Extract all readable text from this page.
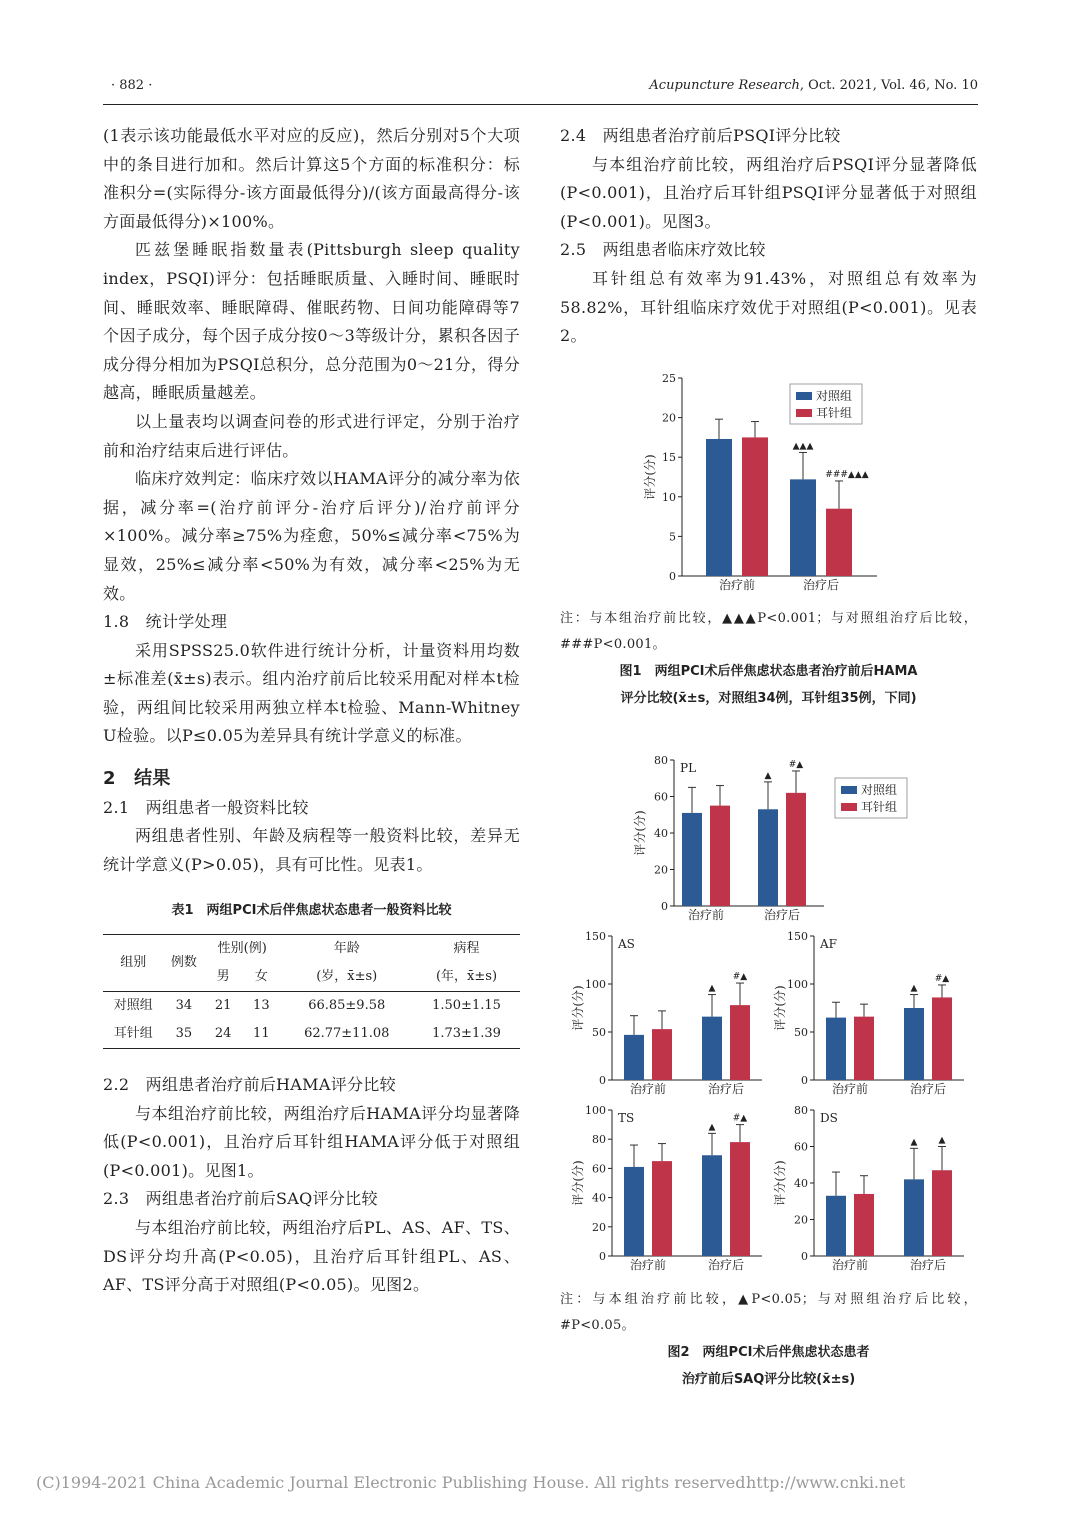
· 882 ·	Acupuncture Research, Oct. 2021, Vol. 46, No. 10

(1表示该功能最低水平对应的反应)，然后分别对5个大项中的条目进行加和。然后计算这5个方面的标准积分：标准积分=(实际得分-该方面最低得分)/(该方面最高得分-该方面最低得分)×100%。

匹兹堡睡眠指数量表(Pittsburgh sleep quality index，PSQI)评分：包括睡眠质量、入睡时间、睡眠时间、睡眠效率、睡眠障碍、催眠药物、日间功能障碍等7个因子成分，每个因子成分按0～3等级计分，累积各因子成分得分相加为PSQI总积分，总分范围为0～21分，得分越高，睡眠质量越差。

以上量表均以调查问卷的形式进行评定，分别于治疗前和治疗结束后进行评估。

临床疗效判定：临床疗效以HAMA评分的减分率为依据，减分率=(治疗前评分-治疗后评分)/治疗前评分×100%。减分率≥75%为痊愈，50%≤减分率<75%为显效，25%≤减分率<50%为有效，减分率<25%为无效。

1.8　统计学处理

采用SPSS25.0软件进行统计分析，计量资料用均数±标准差(x̄±s)表示。组内治疗前后比较采用配对样本t检验，两组间比较采用两独立样本t检验、Mann-Whitney U检验。以P≤0.05为差异具有统计学意义的标准。

2　结果

2.1　两组患者一般资料比较

两组患者性别、年龄及病程等一般资料比较，差异无统计学意义(P>0.05)，具有可比性。见表1。

表1　两组PCI术后伴焦虑状态患者一般资料比较
组别	例数	性别(例)		年龄	病程
		男	女	(岁，x̄±s)	(年，x̄±s)
对照组	34	21	13	66.85±9.58	1.50±1.15
耳针组	35	24	11	62.77±11.08	1.73±1.39

2.2　两组患者治疗前后HAMA评分比较

与本组治疗前比较，两组治疗后HAMA评分均显著降低(P<0.001)，且治疗后耳针组HAMA评分低于对照组(P<0.001)。见图1。

2.3　两组患者治疗前后SAQ评分比较

与本组治疗前比较，两组治疗后PL、AS、AF、TS、DS评分均升高(P<0.05)，且治疗后耳针组PL、AS、AF、TS评分高于对照组(P<0.05)。见图2。

2.4　两组患者治疗前后PSQI评分比较

与本组治疗前比较，两组治疗后PSQI评分显著降低(P<0.001)，且治疗后耳针组PSQI评分显著低于对照组(P<0.001)。见图3。

2.5　两组患者临床疗效比较

耳针组总有效率为91.43%，对照组总有效率为58.82%，耳针组临床疗效优于对照组(P<0.001)。见表2。

0
5
10
15
20
25
评分(分)
治疗前
▲▲▲
###▲▲▲
治疗后
对照组
耳针组

注：与本组治疗前比较，▲▲▲P<0.001；与对照组治疗后比较，###P<0.001。

图1　两组PCI术后伴焦虑状态患者治疗前后HAMA
评分比较(x̄±s，对照组34例，耳针组35例，下同)
0
20
40
60
80
评分(分)
PL
治疗前
▲
#▲
治疗后
对照组
耳针组
0
50
100
150
评分(分)
AS
治疗前
▲
#▲
治疗后
0
50
100
150
评分(分)
AF
治疗前
▲
#▲
治疗后
0
20
40
60
80
100
评分(分)
TS
治疗前
▲
#▲
治疗后
0
20
40
60
80
评分(分)
DS
治疗前
▲ ▲
治疗后

注：与本组治疗前比较，▲P<0.05；与对照组治疗后比较，#P<0.05。

图2　两组PCI术后伴焦虑状态患者
治疗前后SAQ评分比较(x̄±s)
(C)1994-2021 China Academic Journal Electronic Publishing House. All rights reserved.
http://www.cnki.net
